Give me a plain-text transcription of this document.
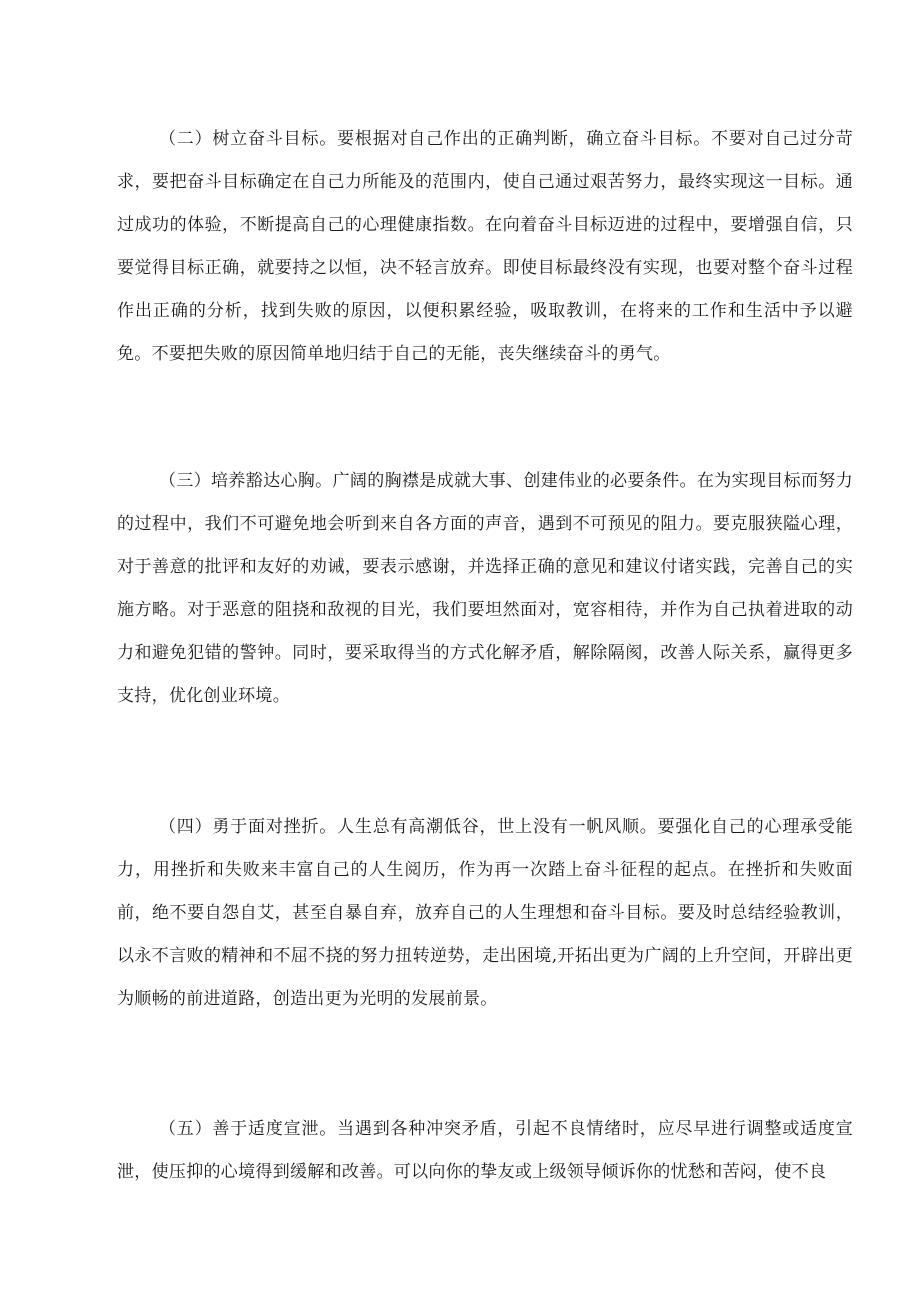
（二）树立奋斗目标。要根据对自己作出的正确判断，确立奋斗目标。不要对自己过分苛求，要把奋斗目标确定在自己力所能及的范围内，使自己通过艰苦努力，最终实现这一目标。通过成功的体验，不断提高自己的心理健康指数。在向着奋斗目标迈进的过程中，要增强自信，只要觉得目标正确，就要持之以恒，决不轻言放弃。即使目标最终没有实现，也要对整个奋斗过程作出正确的分析，找到失败的原因，以便积累经验，吸取教训，在将来的工作和生活中予以避免。不要把失败的原因简单地归结于自己的无能，丧失继续奋斗的勇气。

（三）培养豁达心胸。广阔的胸襟是成就大事、创建伟业的必要条件。在为实现目标而努力的过程中，我们不可避免地会听到来自各方面的声音，遇到不可预见的阻力。要克服狭隘心理，对于善意的批评和友好的劝诫，要表示感谢，并选择正确的意见和建议付诸实践，完善自己的实施方略。对于恶意的阻挠和敌视的目光，我们要坦然面对，宽容相待，并作为自己执着进取的动力和避免犯错的警钟。同时，要采取得当的方式化解矛盾，解除隔阂，改善人际关系，赢得更多支持，优化创业环境。

（四）勇于面对挫折。人生总有高潮低谷，世上没有一帆风顺。要强化自己的心理承受能力，用挫折和失败来丰富自己的人生阅历，作为再一次踏上奋斗征程的起点。在挫折和失败面前，绝不要自怨自艾，甚至自暴自弃，放弃自己的人生理想和奋斗目标。要及时总结经验教训，以永不言败的精神和不屈不挠的努力扭转逆势，走出困境,开拓出更为广阔的上升空间，开辟出更为顺畅的前进道路，创造出更为光明的发展前景。

（五）善于适度宣泄。当遇到各种冲突矛盾，引起不良情绪时，应尽早进行调整或适度宣泄，使压抑的心境得到缓解和改善。可以向你的挚友或上级领导倾诉你的忧愁和苦闷，使不良
